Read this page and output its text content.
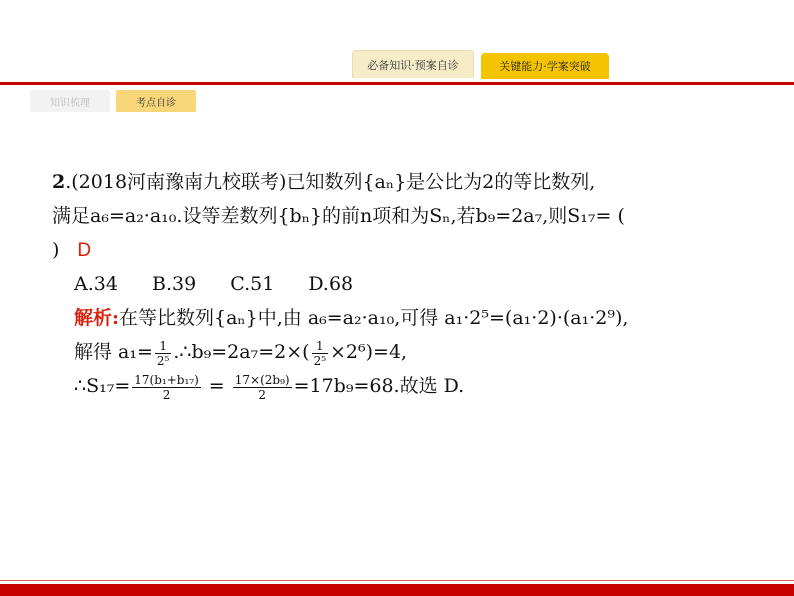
必备知识·预案自诊	关键能力·学案突破
知识梳理	考点自诊
2.(2018河南豫南九校联考)已知数列{aₙ}是公比为2的等比数列,
满足a₆=a₂·a₁₀.设等差数列{bₙ}的前n项和为Sₙ,若b₉=2a₇,则S₁₇= (
) D
A.34 B.39 C.51 D.68
解析:在等比数列{aₙ}中,由 a₆=a₂·a₁₀,可得 a₁·2⁵=(a₁·2)·(a₁·2⁹),
解得 $a_1= \frac{1}{\text{2⁵}}$ .∴b₉=2a₇=2×( $\frac{1}{\text{2⁵}} \times 2^6)=4$,
∴S₁₇= $\frac{\text{17(b₁+b₁₇)}}{2} = \frac{\text{17×(2b₉)}}{2} =17b_9=68$.故选 D.
